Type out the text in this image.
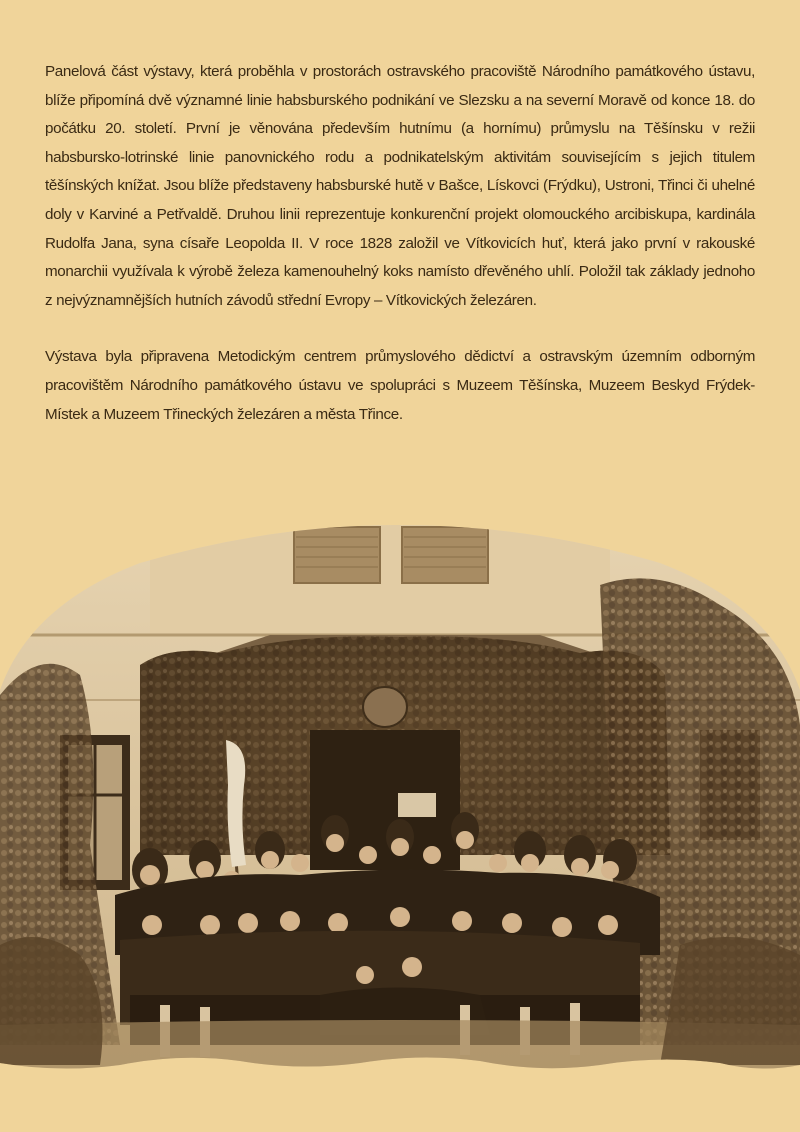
Panelová část výstavy, která proběhla v prostorách ostravského pracoviště Národního památkového ústavu, blíže připomíná dvě významné linie habsburského podnikání ve Slezsku a na severní Moravě od konce 18. do počátku 20. století. První je věnována především hutnímu (a hornímu) průmyslu na Těšínsku v režii habsbursko-lotrinské linie panovnického rodu a podnikatelským aktivitám souvisejícím s jejich titulem těšínských knížat. Jsou blíže představeny habsburské hutě v Bašce, Lískovci (Frýdku), Ustroni, Třinci či uhelné doly v Karviné a Petřvaldě. Druhou linii reprezentuje konkurenční projekt olomouckého arcibiskupa, kardinála Rudolfa Jana, syna císaře Leopolda II. V roce 1828 založil ve Vítkovicích huť, která jako první v rakouské monarchii využívala k výrobě železa kamenouhelný koks namísto dřevěného uhlí. Položil tak základy jednoho z nejvýznamnějších hutních závodů střední Evropy – Vítkovických železáren.

Výstava byla připravena Metodickým centrem průmyslového dědictví a ostravským územním odborným pracovištěm Národního památkového ústavu ve spolupráci s Muzeem Těšínska, Muzeem Beskyd Frýdek-Místek a Muzeem Třineckých železáren a města Třince.
